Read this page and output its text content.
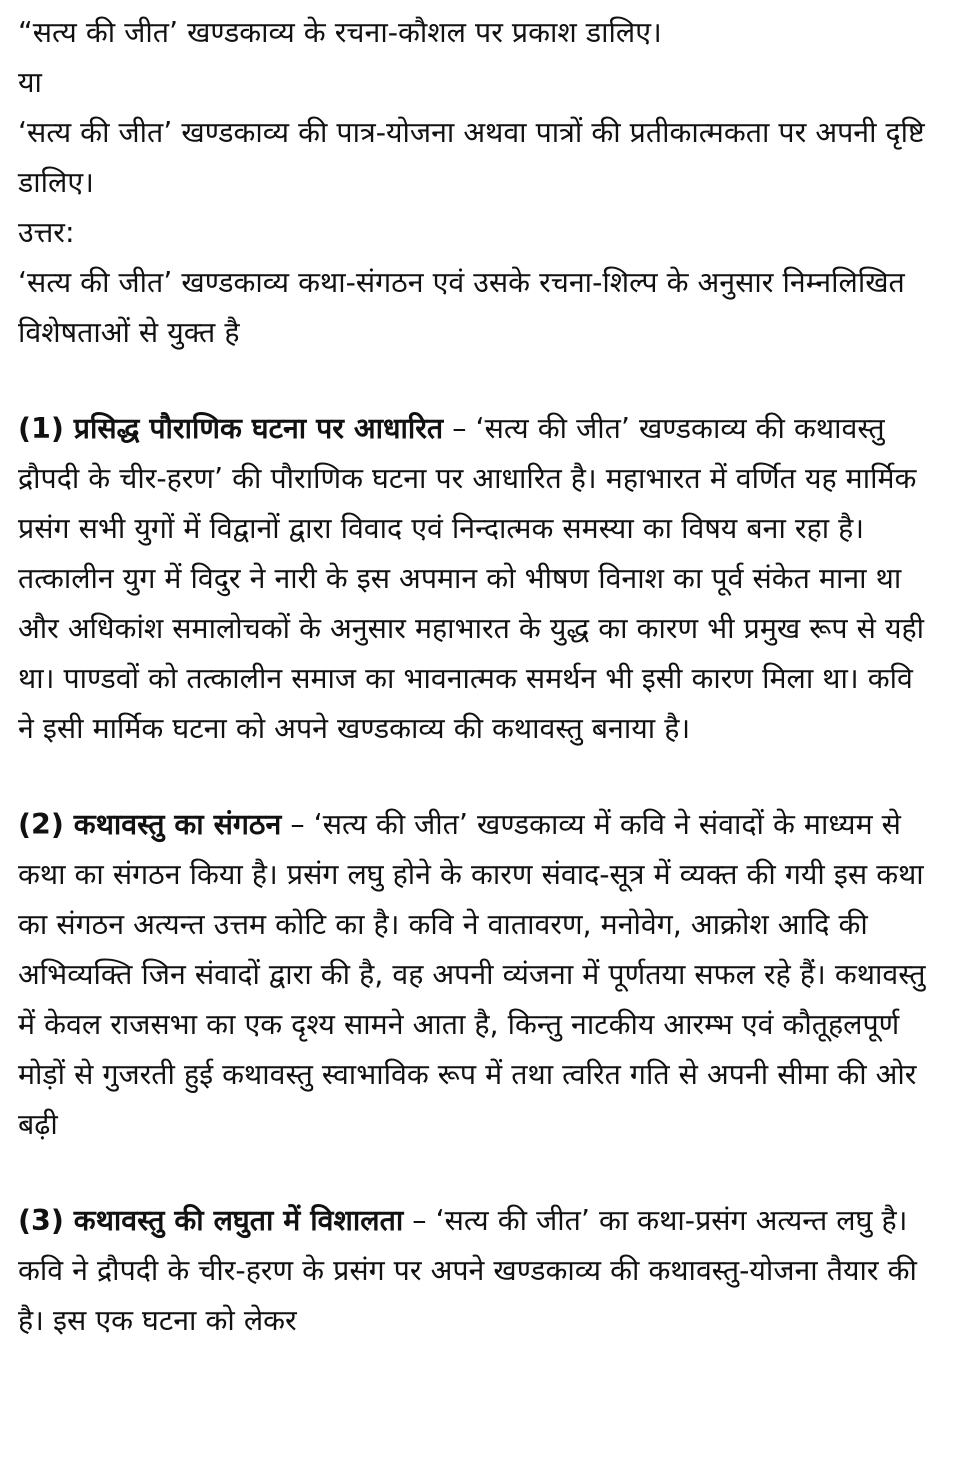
“सत्य की जीत’ खण्डकाव्य के रचना-कौशल पर प्रकाश डालिए।

या

‘सत्य की जीत’ खण्डकाव्य की पात्र-योजना अथवा पात्रों की प्रतीकात्मकता पर अपनी दृष्टि डालिए।

उत्तर:

‘सत्य की जीत’ खण्डकाव्य कथा-संगठन एवं उसके रचना-शिल्प के अनुसार निम्नलिखित विशेषताओं से युक्त है

(1) प्रसिद्ध पौराणिक घटना पर आधारित – ‘सत्य की जीत’ खण्डकाव्य की कथावस्तु द्रौपदी के चीर-हरण’ की पौराणिक घटना पर आधारित है। महाभारत में वर्णित यह मार्मिक प्रसंग सभी युगों में विद्वानों द्वारा विवाद एवं निन्दात्मक समस्या का विषय बना रहा है। तत्कालीन युग में विदुर ने नारी के इस अपमान को भीषण विनाश का पूर्व संकेत माना था और अधिकांश समालोचकों के अनुसार महाभारत के युद्ध का कारण भी प्रमुख रूप से यही था। पाण्डवों को तत्कालीन समाज का भावनात्मक समर्थन भी इसी कारण मिला था। कवि ने इसी मार्मिक घटना को अपने खण्डकाव्य की कथावस्तु बनाया है।

(2) कथावस्तु का संगठन – ‘सत्य की जीत’ खण्डकाव्य में कवि ने संवादों के माध्यम से कथा का संगठन किया है। प्रसंग लघु होने के कारण संवाद-सूत्र में व्यक्त की गयी इस कथा का संगठन अत्यन्त उत्तम कोटि का है। कवि ने वातावरण, मनोवेग, आक्रोश आदि की अभिव्यक्ति जिन संवादों द्वारा की है, वह अपनी व्यंजना में पूर्णतया सफल रहे हैं। कथावस्तु में केवल राजसभा का एक दृश्य सामने आता है, किन्तु नाटकीय आरम्भ एवं कौतूहलपूर्ण मोड़ों से गुजरती हुई कथावस्तु स्वाभाविक रूप में तथा त्वरित गति से अपनी सीमा की ओर बढ़ी

(3) कथावस्तु की लघुता में विशालता – ‘सत्य की जीत’ का कथा-प्रसंग अत्यन्त लघु है। कवि ने द्रौपदी के चीर-हरण के प्रसंग पर अपने खण्डकाव्य की कथावस्तु-योजना तैयार की है। इस एक घटना को लेकर
